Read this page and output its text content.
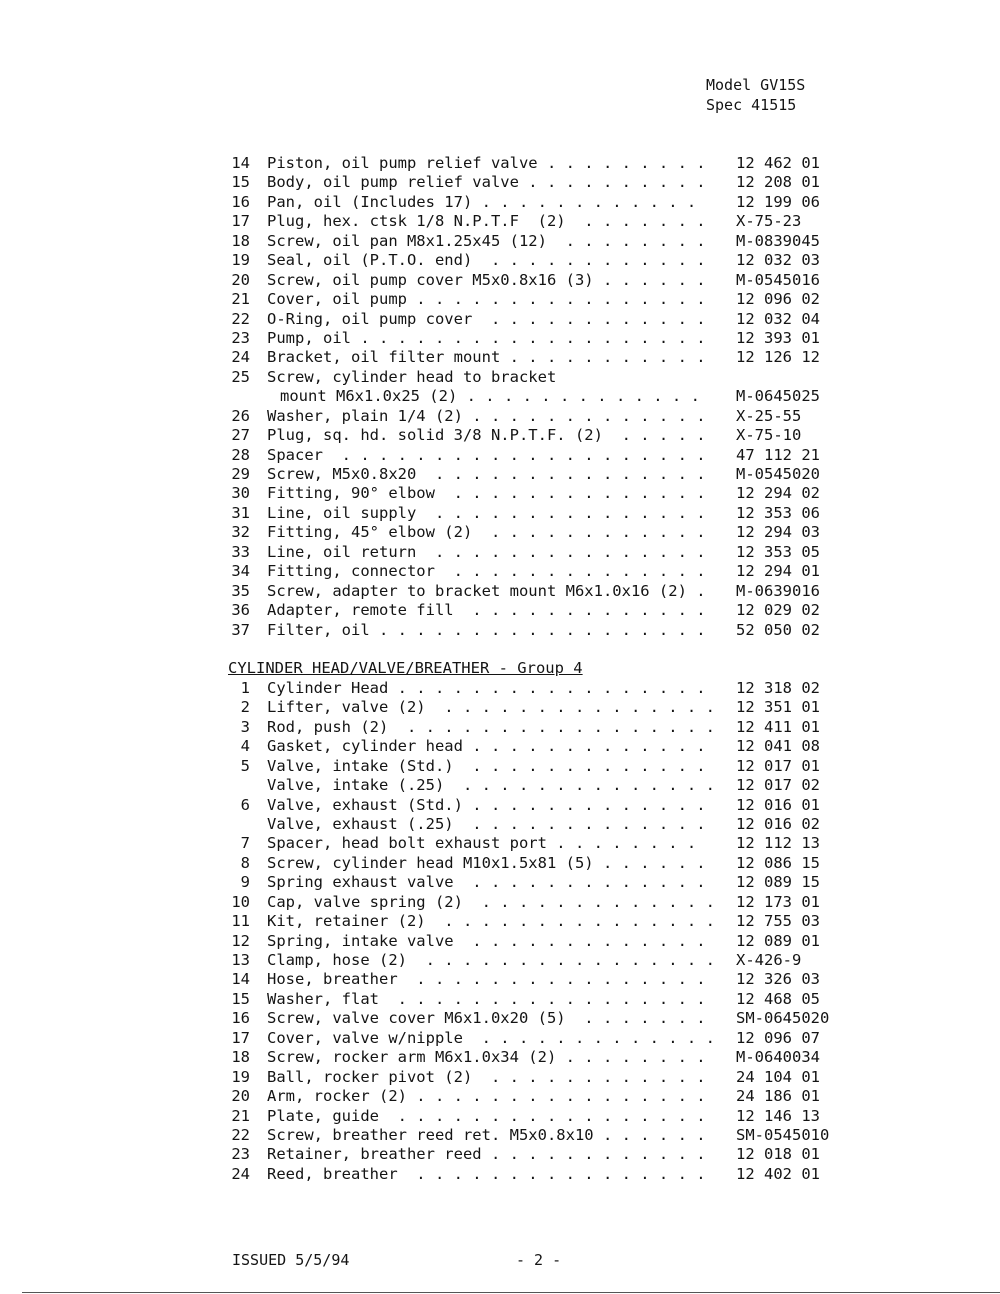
Model GV15S
Spec 41515
14 Piston, oil pump relief valve . . . . . . . . . 12 462 01
15 Body, oil pump relief valve . . . . . . . . . . 12 208 01
16 Pan, oil (Includes 17) . . . . . . . . . . . .	12 199 06
17 Plug, hex. ctsk 1/8 N.P.T.F  (2)  . . . . . . . X-75-23
18 Screw, oil pan M8x1.25x45 (12)  . . . . . . . . M-0839045
19 Seal, oil (P.T.O. end)  . . . . . . . . . . . . 12 032 03
20 Screw, oil pump cover M5x0.8x16 (3) . . . . . . M-0545016
21 Cover, oil pump . . . . . . . . . . . . . . . . 12 096 02
22 O-Ring, oil pump cover  . . . . . . . . . . . . 12 032 04
23 Pump, oil . . . . . . . . . . . . . . . . . . . 12 393 01
24 Bracket, oil filter mount . . . . . . . . . . . 12 126 12
25 Screw, cylinder head to bracket
mount M6x1.0x25 (2) . . . . . . . . . . . . . M-0645025
26 Washer, plain 1/4 (2) . . . . . . . . . . . . . X-25-55
27 Plug, sq. hd. solid 3/8 N.P.T.F. (2)  . . . . . X-75-10
28 Spacer  . . . . . . . . . . . . . . . . . . . . 47 112 21
29 Screw, M5x0.8x20  . . . . . . . . . . . . . . . M-0545020
30 Fitting, 90° elbow  . . . . . . . . . . . . . . 12 294 02
31 Line, oil supply  . . . . . . . . . . . . . . . 12 353 06
32 Fitting, 45° elbow (2)  . . . . . . . . . . . . 12 294 03
33 Line, oil return  . . . . . . . . . . . . . . . 12 353 05
34 Fitting, connector  . . . . . . . . . . . . . . 12 294 01
35 Screw, adapter to bracket mount M6x1.0x16 (2) . M-0639016
36 Adapter, remote fill  . . . . . . . . . . . . . 12 029 02
37 Filter, oil . . . . . . . . . . . . . . . . . . 52 050 02
CYLINDER HEAD/VALVE/BREATHER - Group 4
1 Cylinder Head . . . . . . . . . . . . . . . . . 12 318 02
2 Lifter, valve (2)  . . . . . . . . . . . . . . . 12 351 01
3 Rod, push (2)  . . . . . . . . . . . . . . . . . 12 411 01
4 Gasket, cylinder head . . . . . . . . . . . . . 12 041 08
5 Valve, intake (Std.)  . . . . . . . . . . . . . 12 017 01
Valve, intake (.25)  . . . . . . . . . . . . . . 12 017 02
6 Valve, exhaust (Std.) . . . . . . . . . . . . . 12 016 01
Valve, exhaust (.25)  . . . . . . . . . . . . . 12 016 02
7 Spacer, head bolt exhaust port . . . . . . . .	12 112 13
8 Screw, cylinder head M10x1.5x81 (5) . . . . . . 12 086 15
9 Spring exhaust valve  . . . . . . . . . . . . . 12 089 15
10 Cap, valve spring (2)  . . . . . . . . . . . . . 12 173 01
11 Kit, retainer (2)  . . . . . . . . . . . . . . . 12 755 03
12 Spring, intake valve  . . . . . . . . . . . . . 12 089 01
13 Clamp, hose (2)  . . . . . . . . . . . . . . . . X-426-9
14 Hose, breather  . . . . . . . . . . . . . . . . 12 326 03
15 Washer, flat  . . . . . . . . . . . . . . . . . 12 468 05
16 Screw, valve cover M6x1.0x20 (5)  . . . . . . . SM-0645020
17 Cover, valve w/nipple  . . . . . . . . . . . . . 12 096 07
18 Screw, rocker arm M6x1.0x34 (2) . . . . . . . . M-0640034
19 Ball, rocker pivot (2)  . . . . . . . . . . . . 24 104 01
20 Arm, rocker (2) . . . . . . . . . . . . . . . . 24 186 01
21 Plate, guide  . . . . . . . . . . . . . . . . . 12 146 13
22 Screw, breather reed ret. M5x0.8x10 . . . . . . SM-0545010
23 Retainer, breather reed . . . . . . . . . . . . 12 018 01
24 Reed, breather  . . . . . . . . . . . . . . . . 12 402 01
ISSUED 5/5/94	- 2 -
